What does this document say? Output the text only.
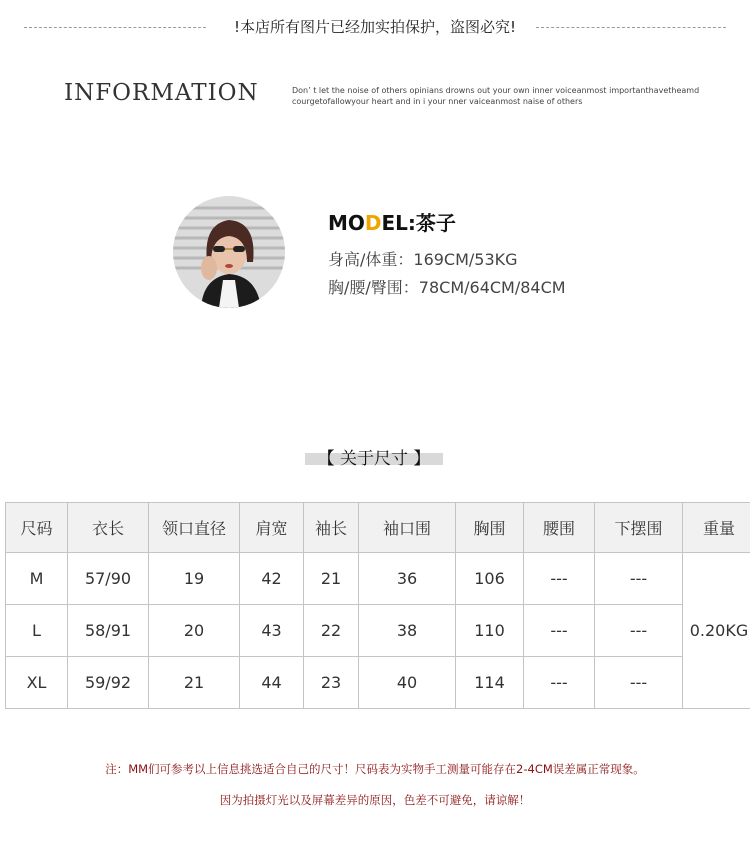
!本店所有图片已经加实拍保护，盗图必究!
INFORMATION	Don’ t let the noise of others opinians drowns out your own inner voiceanmost importanthavetheamd
courgetofallowyour heart and in i your nner vaiceanmost naise of others
MODEL:茶子
身高/体重：169CM/53KG
胸/腰/臀围：78CM/64CM/84CM
【 关于尺寸 】
尺码	衣长	领口直径	肩宽	袖长	袖口围	胸围	腰围	下摆围	重量
M	57/90	19	42	21	36	106	---	---	0.20KG
L	58/91	20	43	22	38	110	---	---	
XL	59/92	21	44	23	40	114	---	---	
注：MM们可参考以上信息挑选适合自己的尺寸！尺码表为实物手工测量可能存在2-4CM误差属正常现象。
因为拍摄灯光以及屏幕差异的原因，色差不可避免，请谅解！
